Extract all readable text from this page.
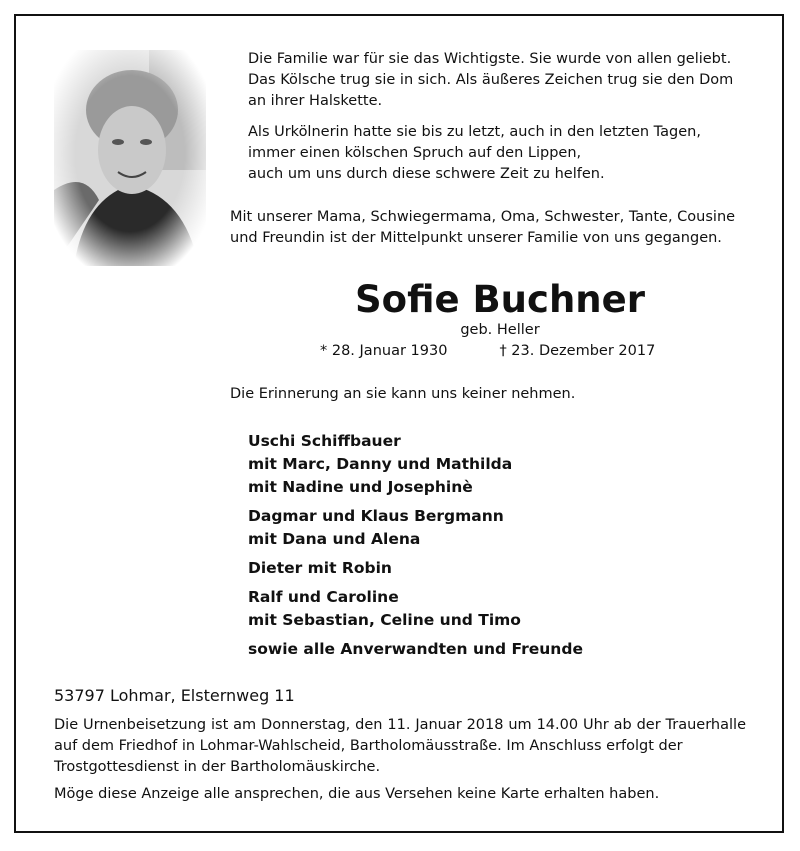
Die Familie war für sie das Wichtigste. Sie wurde von allen geliebt.
Das Kölsche trug sie in sich. Als äußeres Zeichen trug sie den Dom
an ihrer Halskette.

Als Urkölnerin hatte sie bis zu letzt, auch in den letzten Tagen,
immer einen kölschen Spruch auf den Lippen,
auch um uns durch diese schwere Zeit zu helfen.

Mit unserer Mama, Schwiegermama, Oma, Schwester, Tante, Cousine
und Freundin ist der Mittelpunkt unserer Familie von uns gegangen.
Sofie Buchner
geb. Heller
* 28. Januar 1930	† 23. Dezember 2017
Die Erinnerung an sie kann uns keiner nehmen.
Uschi Schiffbauer
mit Marc, Danny und Mathilda
mit Nadine und Josephinè
Dagmar und Klaus Bergmann
mit Dana und Alena
Dieter mit Robin
Ralf und Caroline
mit Sebastian, Celine und Timo
sowie alle Anverwandten und Freunde
53797 Lohmar, Elsternweg 11
Die Urnenbeisetzung ist am Donnerstag, den 11. Januar 2018 um 14.00 Uhr ab der Trauerhalle auf dem Friedhof in Lohmar-Wahlscheid, Bartholomäusstraße. Im Anschluss erfolgt der
Trostgottesdienst in der Bartholomäuskirche.
Möge diese Anzeige alle ansprechen, die aus Versehen keine Karte erhalten haben.
